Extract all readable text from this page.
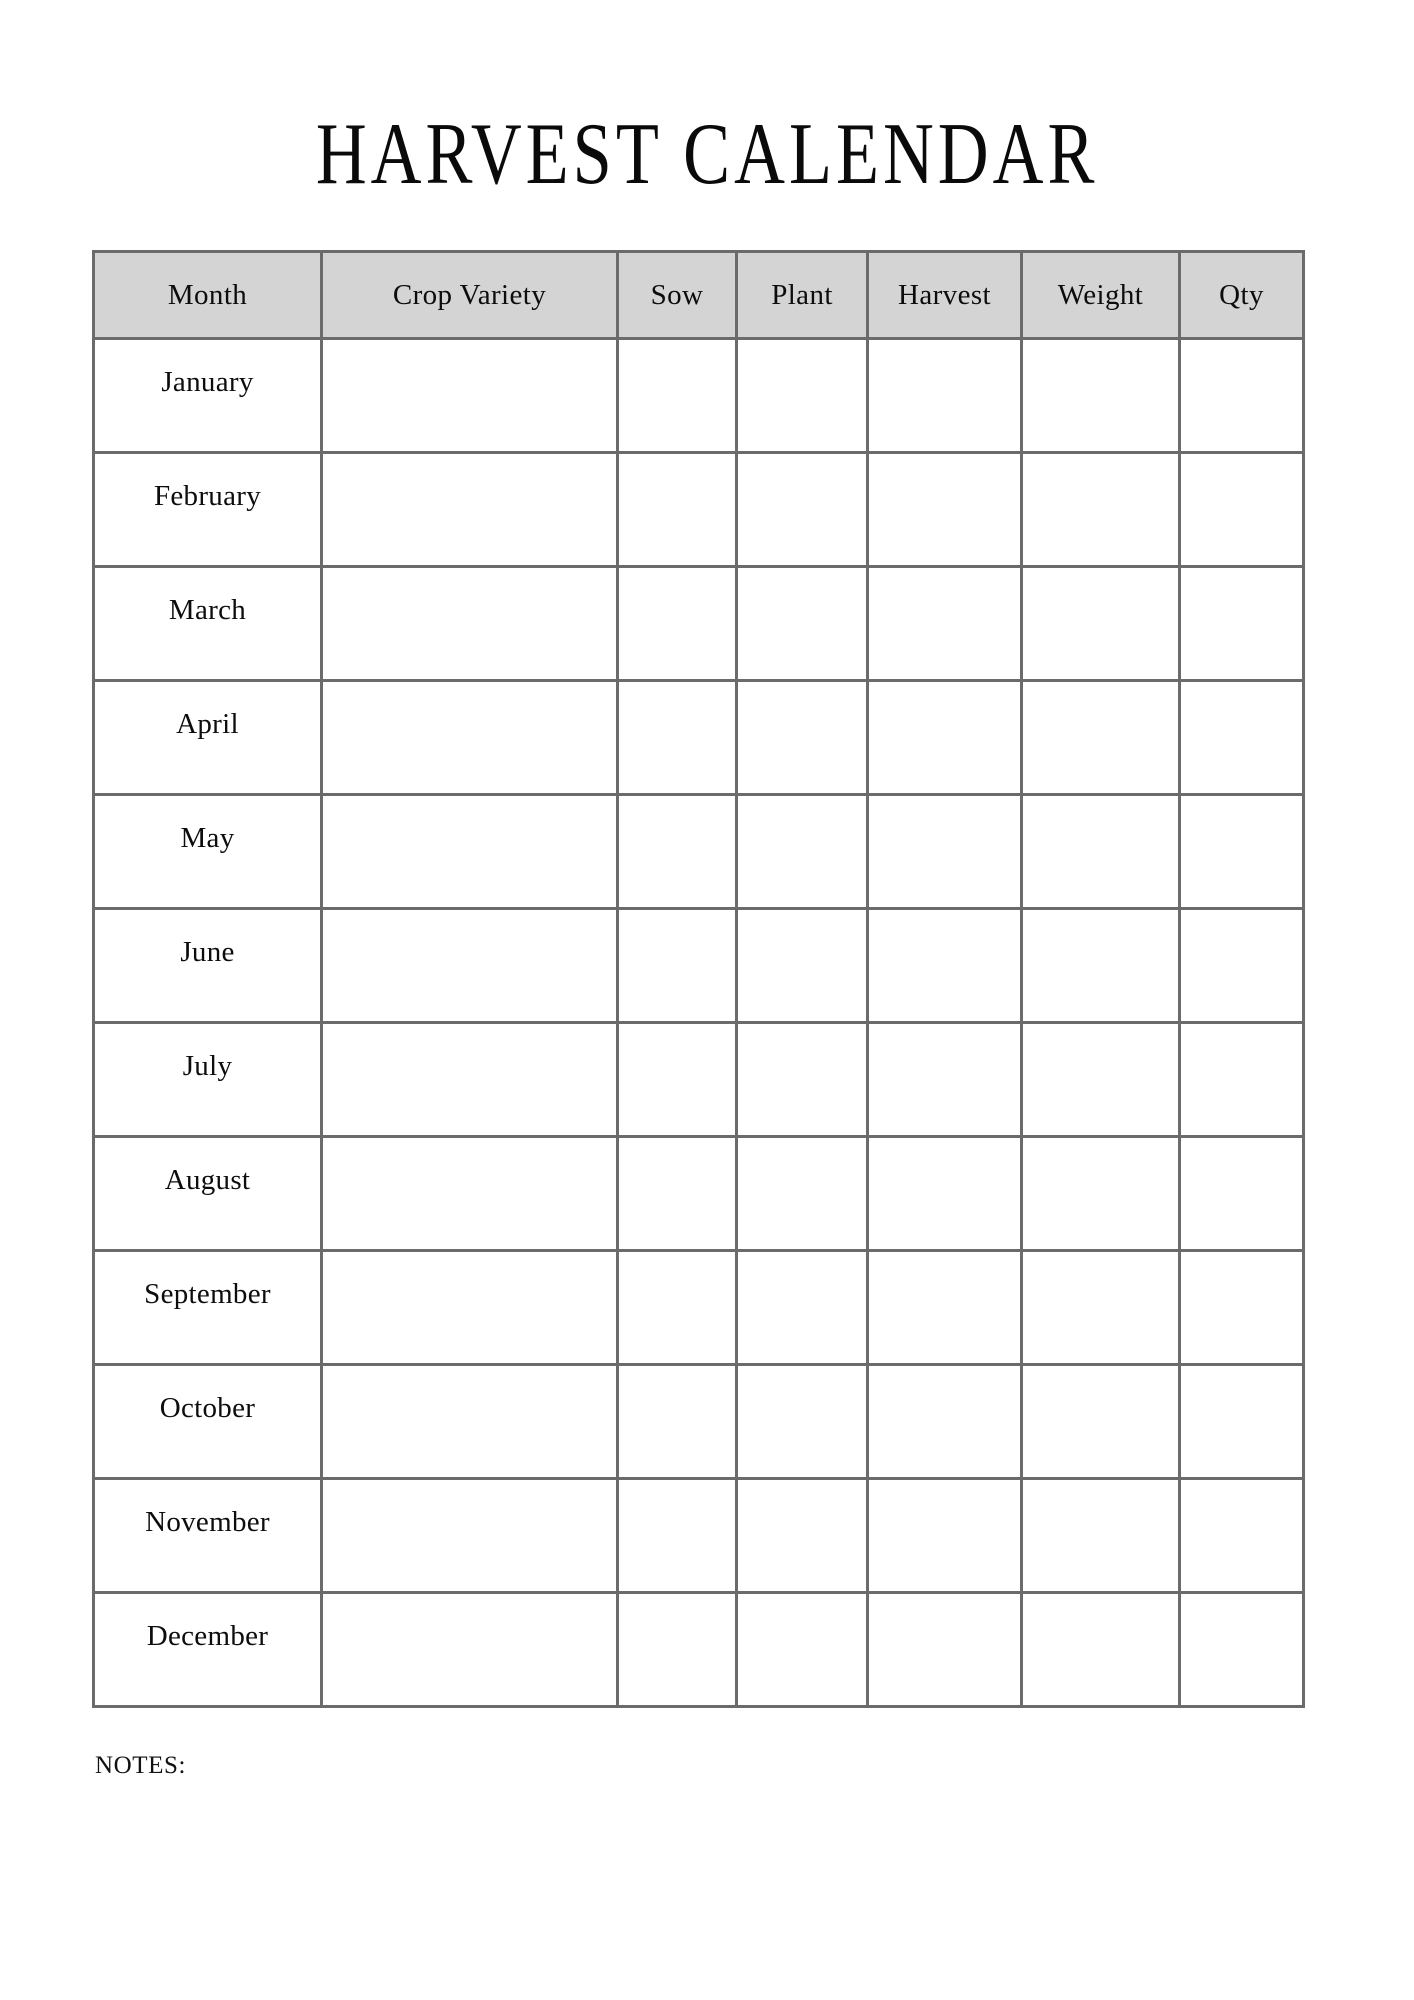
HARVEST CALENDAR
Month	Crop Variety	Sow	Plant	Harvest	Weight	Qty
January						
February						
March						
April						
May						
June						
July						
August						
September						
October						
November						
December						
NOTES:
